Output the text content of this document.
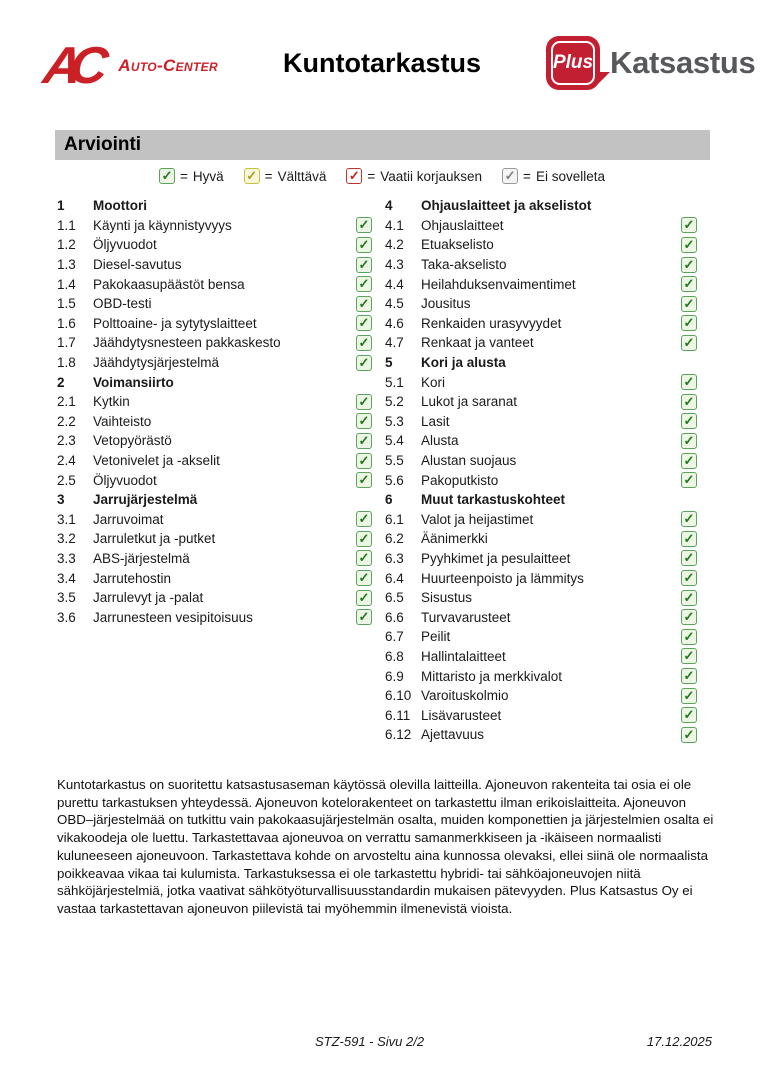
AC	Auto-Center	Kuntotarkastus	Plus Katsastus
Arviointi
✓ = Hyvä ✓ = Välttävä ✓ = Vaatii korjauksen ✓ = Ei sovelleta
1	Moottori
1.1	Käynti ja käynnistyvyys	✓
1.2	Öljyvuodot	✓
1.3	Diesel-savutus	✓
1.4	Pakokaasupäästöt bensa	✓
1.5	OBD-testi	✓
1.6	Polttoaine- ja sytytyslaitteet	✓
1.7	Jäähdytysnesteen pakkaskesto	✓
1.8	Jäähdytysjärjestelmä	✓
2	Voimansiirto
2.1	Kytkin	✓
2.2	Vaihteisto	✓
2.3	Vetopyörästö	✓
2.4	Vetonivelet ja -akselit	✓
2.5	Öljyvuodot	✓
3	Jarrujärjestelmä
3.1	Jarruvoimat	✓
3.2	Jarruletkut ja -putket	✓
3.3	ABS-järjestelmä	✓
3.4	Jarrutehostin	✓
3.5	Jarrulevyt ja -palat	✓
3.6	Jarrunesteen vesipitoisuus	✓
4	Ohjauslaitteet ja akselistot
4.1	Ohjauslaitteet	✓
4.2	Etuakselisto	✓
4.3	Taka-akselisto	✓
4.4	Heilahduksenvaimentimet	✓
4.5	Jousitus	✓
4.6	Renkaiden urasyvyydet	✓
4.7	Renkaat ja vanteet	✓
5	Kori ja alusta
5.1	Kori	✓
5.2	Lukot ja saranat	✓
5.3	Lasit	✓
5.4	Alusta	✓
5.5	Alustan suojaus	✓
5.6	Pakoputkisto	✓
6	Muut tarkastuskohteet
6.1	Valot ja heijastimet	✓
6.2	Äänimerkki	✓
6.3	Pyyhkimet ja pesulaitteet	✓
6.4	Huurteenpoisto ja lämmitys	✓
6.5	Sisustus	✓
6.6	Turvavarusteet	✓
6.7	Peilit	✓
6.8	Hallintalaitteet	✓
6.9	Mittaristo ja merkkivalot	✓
6.10 Varoituskolmio	✓
6.11 Lisävarusteet	✓
6.12 Ajettavuus	✓
Kuntotarkastus on suoritettu katsastusaseman käytössä olevilla laitteilla. Ajoneuvon rakenteita tai osia ei ole purettu tarkastuksen yhteydessä. Ajoneuvon kotelorakenteet on tarkastettu ilman erikoislaitteita. Ajoneuvon OBD–järjestelmää on tutkittu vain pakokaasujärjestelmän osalta, muiden komponettien ja järjestelmien osalta ei vikakoodeja ole luettu. Tarkastettavaa ajoneuvoa on verrattu samanmerkkiseen ja -ikäiseen normaalisti kuluneeseen ajoneuvoon. Tarkastettava kohde on arvosteltu aina kunnossa olevaksi, ellei siinä ole normaalista poikkeavaa vikaa tai kulumista. Tarkastuksessa ei ole tarkastettu hybridi- tai sähköajoneuvojen niitä sähköjärjestelmiä, jotka vaativat sähkötyöturvallisuusstandardin mukaisen pätevyyden. Plus Katsastus Oy ei vastaa tarkastettavan ajoneuvon piilevistä tai myöhemmin ilmenevistä vioista.
STZ-591 - Sivu 2/2	17.12.2025
